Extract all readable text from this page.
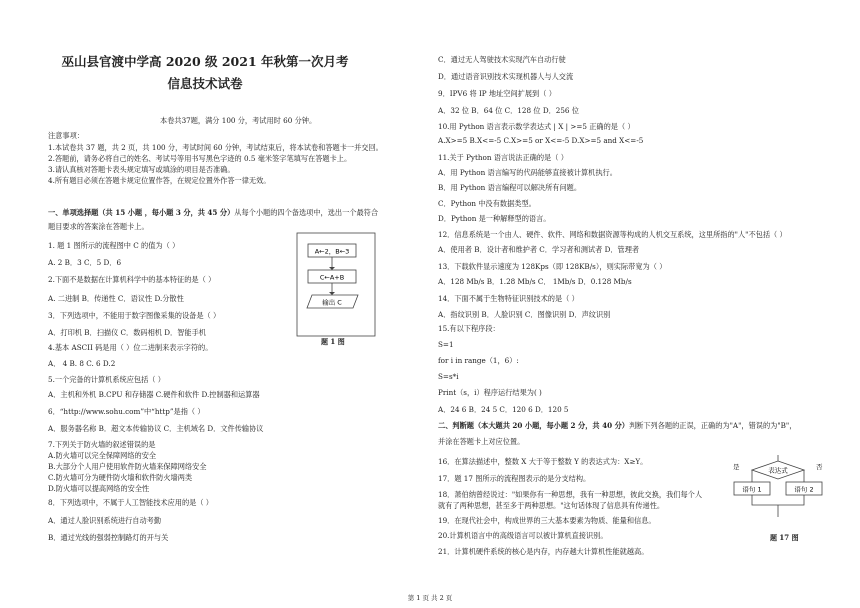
巫山县官渡中学高 2020 级 2021 年秋第一次月考
信息技术试卷
本卷共37题，满分 100 分，考试用时 60 分钟。
注意事项：
1.本试卷共 37 题，共 2 页，共 100 分，考试时间 60 分钟，考试结束后，将本试卷和答题卡一并交回。
2.答题前，请务必将自己的姓名、考试号等用书写黑色字迹的 0.5 毫米签字笔填写在答题卡上。
3.请认真核对答题卡表头规定填写或填涂的项目是否准确。
4.所有题目必须在答题卡规定位置作答，在规定位置外作答一律无效。
一、单项选择题（共 15 小题 ，每小题 3 分，共 45 分）从每个小题的四个备选项中，选出一个最符合
题目要求的答案涂在答题卡上。
1. 题 1 图所示的流程图中 C 的值为（ ）
A. 2 B．3 C．5 D．6
2.下面不是数据在计算机科学中的基本特征的是（ ）
A. 二进制 B．传递性 C．语议性 D.分散性
3．下列选项中，不能用于数字图像采集的设备是（ ）
A．打印机 B．扫描仪 C．数码相机 D．智能手机
4.基本 ASCII 码是用（ ）位二进制来表示字符的。
A． 4 B. 8 C. 6 D.2
5.一个完备的计算机系统应包括（ ）
A．主机和外机 B.CPU 和存储器 C.硬件和软件 D.控制器和运算器
6．“http://www.sohu.com”中“http”是指（ ）
A．服务器名称 B．超文本传输协议 C．主机域名 D．文件传输协议
7.下列关于防火墙的叙述错误的是
A.防火墙可以完全保障网络的安全
B.大部分个人用户使用软件防火墙来保障网络安全
C.防火墙可分为硬件防火墙和软件防火墙两类
D.防火墙可以提高网络的安全性
8．下列选项中，不属于人工智能技术应用的是（ ）
A．通过人脸识别系统进行自动考勤
B．通过光线的强弱控制路灯的开与关
A←2，B←3
C←A+B
输出 C
题 1 图
C．通过无人驾驶技术实现汽车自动行驶
D．通过语音识别技术实现机器人与人交流
9．IPV6 将 IP 地址空间扩展到（ ）
A．32 位 B．64 位 C．128 位 D．256 位
10.用 Python 语言表示数学表达式 | X | >=5 正确的是（ ）
A.X>=5 B.X<=-5 C.X>=5 or X<=-5 D.X>=5 and X<=-5
11.关于 Python 语言说法正确的是（ ）
A．用 Python 语言编写的代码能够直接被计算机执行。
B．用 Python 语言编程可以解决所有问题。
C．Python 中没有数据类型。
D．Python 是一种解释型的语言。
12．信息系统是一个由人、硬件、软件、网络和数据资源等构成的人机交互系统，这里所指的"人"不包括（ ）
A．使用者 B．设计者和维护者 C．学习者和测试者 D．管理者
13．下载软件显示速度为 128Kps（即 128KB/s），则实际带宽为（ ）
A．128 Mb/s B．1.28 Mb/s C． 1Mb/s D．0.128 Mb/s
14．下面不属于生物特征识别技术的是（ ）
A．指纹识别 B．人脸识别 C．图像识别 D．声纹识别
15.有以下程序段：
S=1
for i in range（1，6）:
S=s*i
Print（s，i）程序运行结果为( )
A．24 6 B．24 5 C．120 6 D．120 5
二、判断题（本大题共 20 小题，每小题 2 分，共 40 分）判断下列各题的正误，正确的为"A"，错误的为"B"，
并涂在答题卡上对应位置。
16．在算法描述中，整数 X 大于等于整数 Y 的表达式为：X≥Y。
17．题 17 图所示的流程图表示的是分支结构。
18．萧伯纳曾经说过："如果你有一种思想，我有一种思想，彼此交换，我们每个人
就有了两种思想，甚至多于两种思想。"这句话体现了信息具有传递性。
19．在现代社会中，构成世界的三大基本要素为物质、能量和信息。
20.计算机语言中的高级语言可以被计算机直接识别。
21．计算机硬件系统的核心是内存，内存越大计算机性能就越高。
表达式
是	否
语句 1	语句 2
题 17 图
第 1 页 共 2 页
